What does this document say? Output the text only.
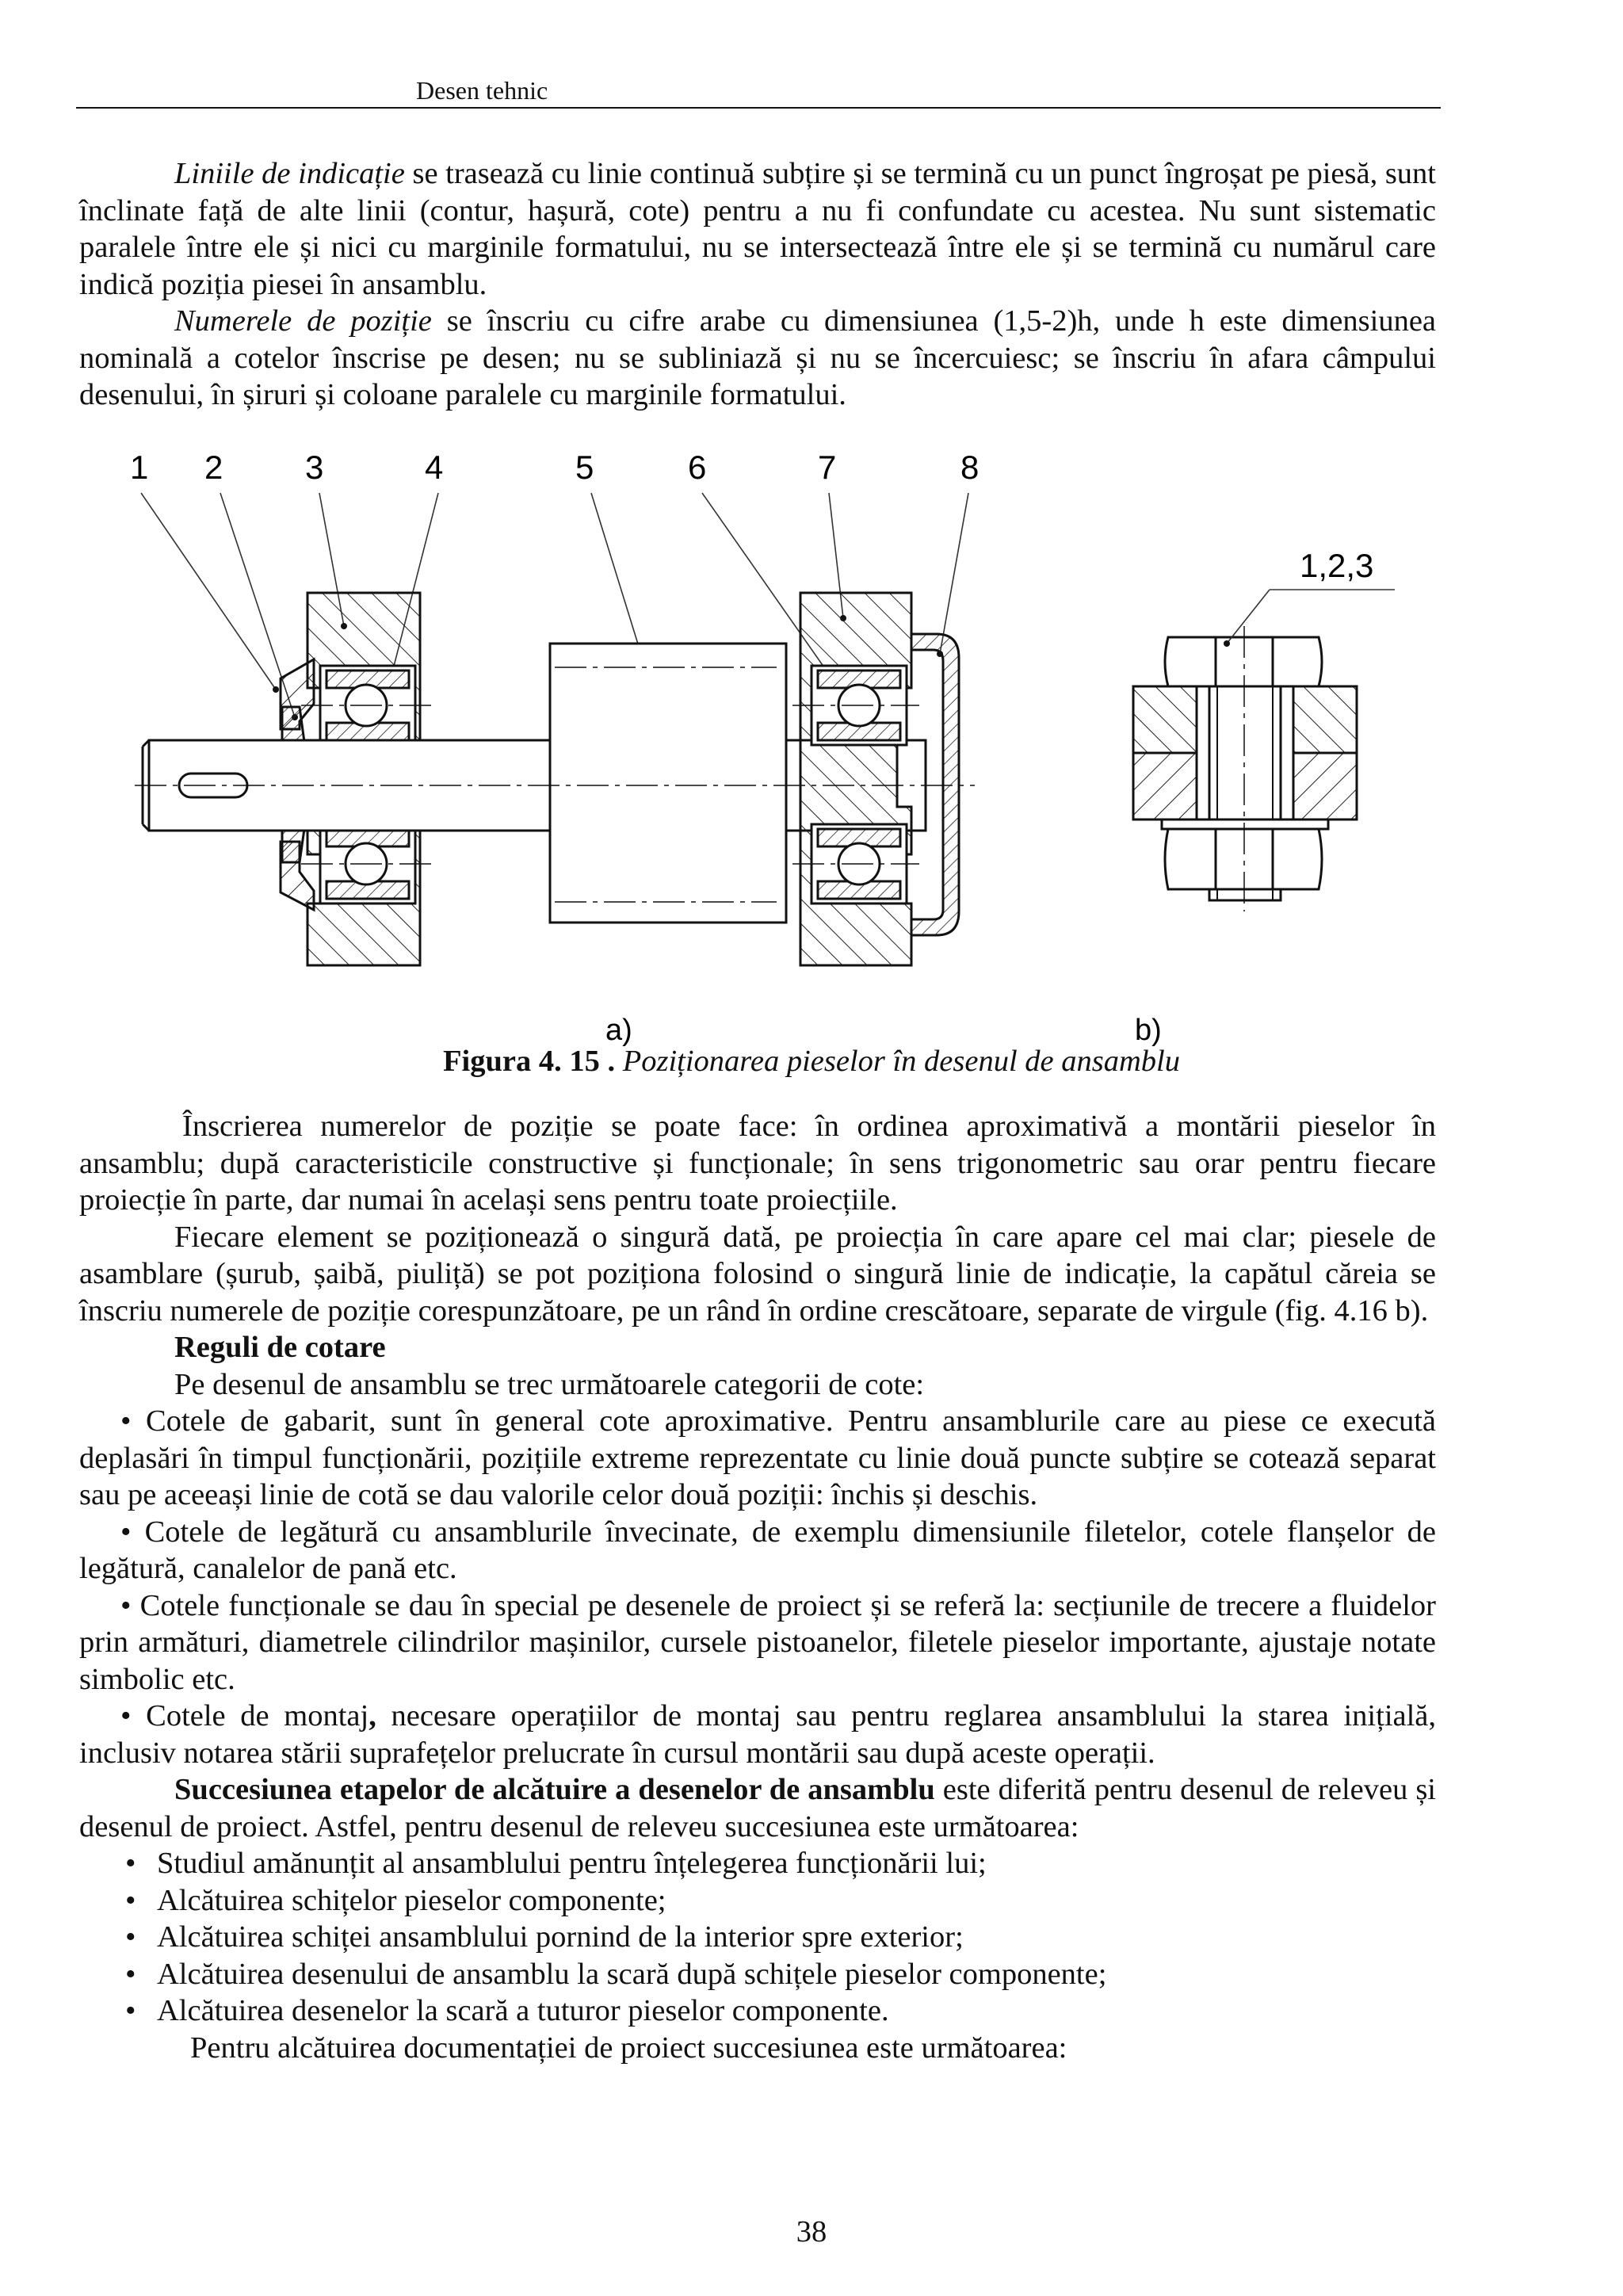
Desen tehnic

Liniile de indicație se trasează cu linie continuă subțire și se termină cu un punct îngroșat pe piesă, sunt înclinate față de alte linii (contur, hașură, cote) pentru a nu fi confundate cu acestea. Nu sunt sistematic paralele între ele și nici cu marginile formatului, nu se intersectează între ele și se termină cu numărul care indică poziția piesei în ansamblu.

Numerele de poziție se înscriu cu cifre arabe cu dimensiunea (1,5-2)h, unde h este dimensiunea nominală a cotelor înscrise pe desen; nu se subliniază și nu se încercuiesc; se înscriu în afara câmpului desenului, în șiruri și coloane paralele cu marginile formatului.

1 2 3	4	5	6	7	8
1,2,3
a)	b)
Figura 4. 15 . Poziționarea pieselor în desenul de ansamblu

Înscrierea numerelor de poziție se poate face: în ordinea aproximativă a montării pieselor în ansamblu; după caracteristicile constructive și funcționale; în sens trigonometric sau orar pentru fiecare proiecție în parte, dar numai în același sens pentru toate proiecțiile.

Fiecare element se poziționează o singură dată, pe proiecția în care apare cel mai clar; piesele de asamblare (șurub, șaibă, piuliță) se pot poziționa folosind o singură linie de indicație, la capătul căreia se înscriu numerele de poziție corespunzătoare, pe un rând în ordine crescătoare, separate de virgule (fig. 4.16 b).

Reguli de cotare

Pe desenul de ansamblu se trec următoarele categorii de cote:

• Cotele de gabarit, sunt în general cote aproximative. Pentru ansamblurile care au piese ce execută deplasări în timpul funcționării, pozițiile extreme reprezentate cu linie două puncte subțire se cotează separat sau pe aceeași linie de cotă se dau valorile celor două poziții: închis și deschis.

• Cotele de legătură cu ansamblurile învecinate, de exemplu dimensiunile filetelor, cotele flanșelor de legătură, canalelor de pană etc.

• Cotele funcționale se dau în special pe desenele de proiect și se referă la: secțiunile de trecere a fluidelor prin armături, diametrele cilindrilor mașinilor, cursele pistoanelor, filetele pieselor importante, ajustaje notate simbolic etc.

• Cotele de montaj, necesare operațiilor de montaj sau pentru reglarea ansamblului la starea inițială, inclusiv notarea stării suprafețelor prelucrate în cursul montării sau după aceste operații.

Succesiunea etapelor de alcătuire a desenelor de ansamblu este diferită pentru desenul de releveu și desenul de proiect. Astfel, pentru desenul de releveu succesiunea este următoarea:

• Studiul amănunțit al ansamblului pentru înțelegerea funcționării lui;
• Alcătuirea schițelor pieselor componente;
• Alcătuirea schiței ansamblului pornind de la interior spre exterior;
• Alcătuirea desenului de ansamblu la scară după schițele pieselor componente;
• Alcătuirea desenelor la scară a tuturor pieselor componente.

Pentru alcătuirea documentației de proiect succesiunea este următoarea:

38
